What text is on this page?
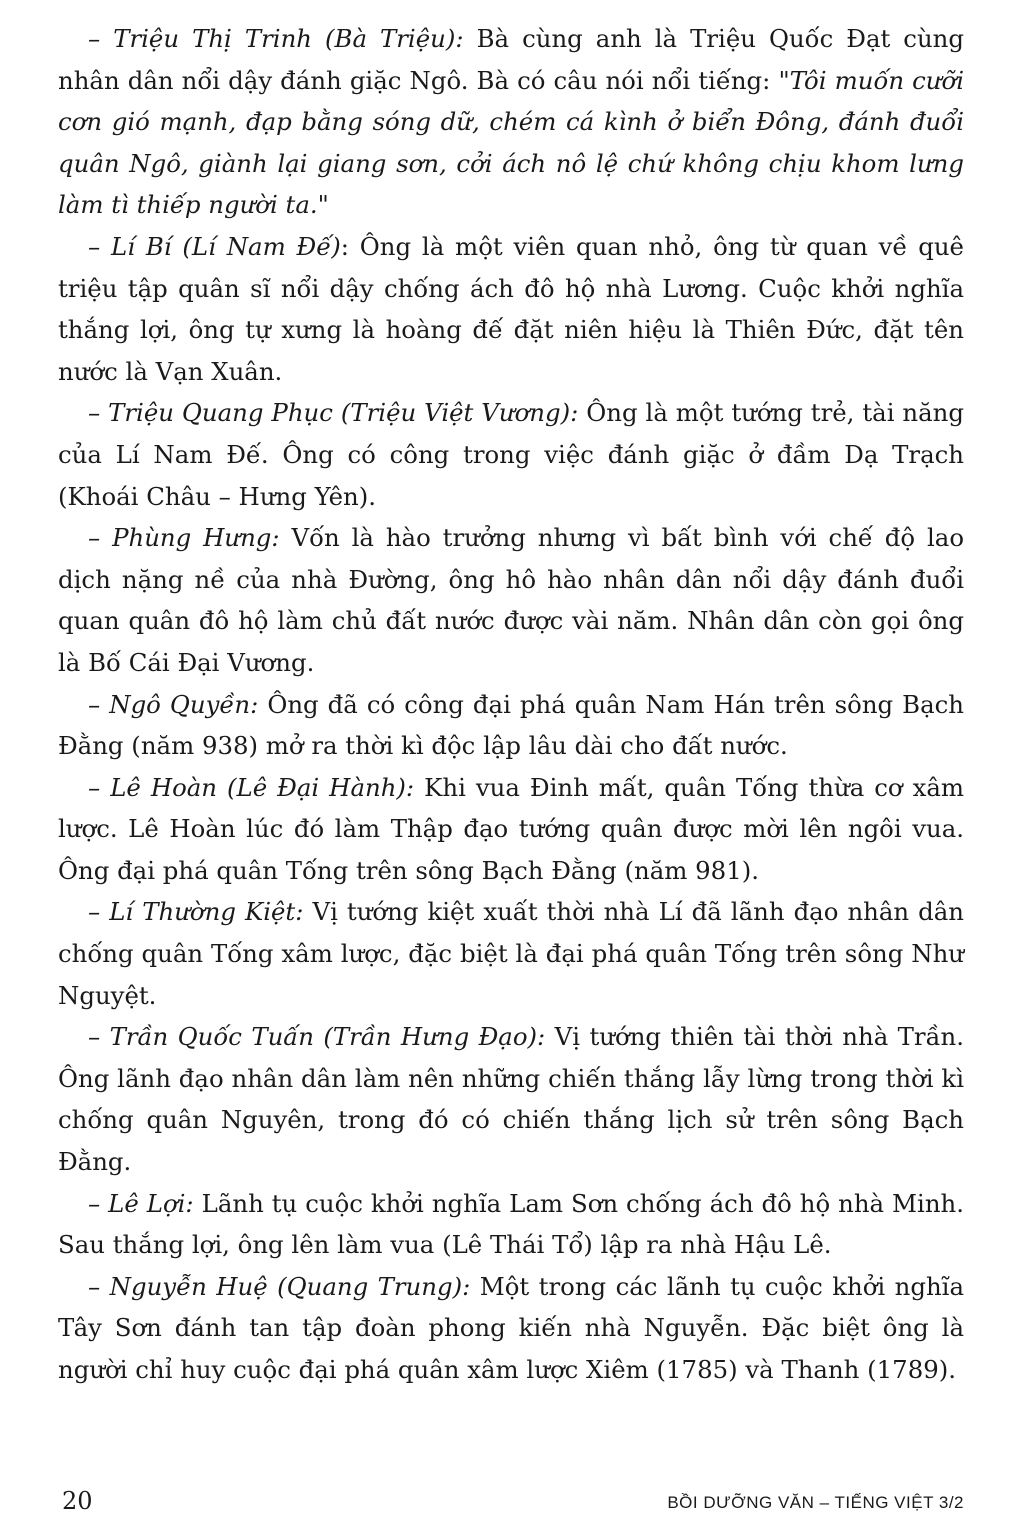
– Triệu Thị Trinh (Bà Triệu): Bà cùng anh là Triệu Quốc Đạt cùng nhân dân nổi dậy đánh giặc Ngô. Bà có câu nói nổi tiếng: "Tôi muốn cưỡi cơn gió mạnh, đạp bằng sóng dữ, chém cá kình ở biển Đông, đánh đuổi quân Ngô, giành lại giang sơn, cởi ách nô lệ chứ không chịu khom lưng làm tì thiếp người ta."

– Lí Bí (Lí Nam Đế): Ông là một viên quan nhỏ, ông từ quan về quê triệu tập quân sĩ nổi dậy chống ách đô hộ nhà Lương. Cuộc khởi nghĩa thắng lợi, ông tự xưng là hoàng đế đặt niên hiệu là Thiên Đức, đặt tên nước là Vạn Xuân.

– Triệu Quang Phục (Triệu Việt Vương): Ông là một tướng trẻ, tài năng của Lí Nam Đế. Ông có công trong việc đánh giặc ở đầm Dạ Trạch (Khoái Châu – Hưng Yên).

– Phùng Hưng: Vốn là hào trưởng nhưng vì bất bình với chế độ lao dịch nặng nề của nhà Đường, ông hô hào nhân dân nổi dậy đánh đuổi quan quân đô hộ làm chủ đất nước được vài năm. Nhân dân còn gọi ông là Bố Cái Đại Vương.

– Ngô Quyền: Ông đã có công đại phá quân Nam Hán trên sông Bạch Đằng (năm 938) mở ra thời kì độc lập lâu dài cho đất nước.

– Lê Hoàn (Lê Đại Hành): Khi vua Đinh mất, quân Tống thừa cơ xâm lược. Lê Hoàn lúc đó làm Thập đạo tướng quân được mời lên ngôi vua. Ông đại phá quân Tống trên sông Bạch Đằng (năm 981).

– Lí Thường Kiệt: Vị tướng kiệt xuất thời nhà Lí đã lãnh đạo nhân dân chống quân Tống xâm lược, đặc biệt là đại phá quân Tống trên sông Như Nguyệt.

– Trần Quốc Tuấn (Trần Hưng Đạo): Vị tướng thiên tài thời nhà Trần. Ông lãnh đạo nhân dân làm nên những chiến thắng lẫy lừng trong thời kì chống quân Nguyên, trong đó có chiến thắng lịch sử trên sông Bạch Đằng.

– Lê Lợi: Lãnh tụ cuộc khởi nghĩa Lam Sơn chống ách đô hộ nhà Minh. Sau thắng lợi, ông lên làm vua (Lê Thái Tổ) lập ra nhà Hậu Lê.

– Nguyễn Huệ (Quang Trung): Một trong các lãnh tụ cuộc khởi nghĩa Tây Sơn đánh tan tập đoàn phong kiến nhà Nguyễn. Đặc biệt ông là người chỉ huy cuộc đại phá quân xâm lược Xiêm (1785) và Thanh (1789).

20	BỒI DƯỠNG VĂN – TIẾNG VIỆT 3/2
